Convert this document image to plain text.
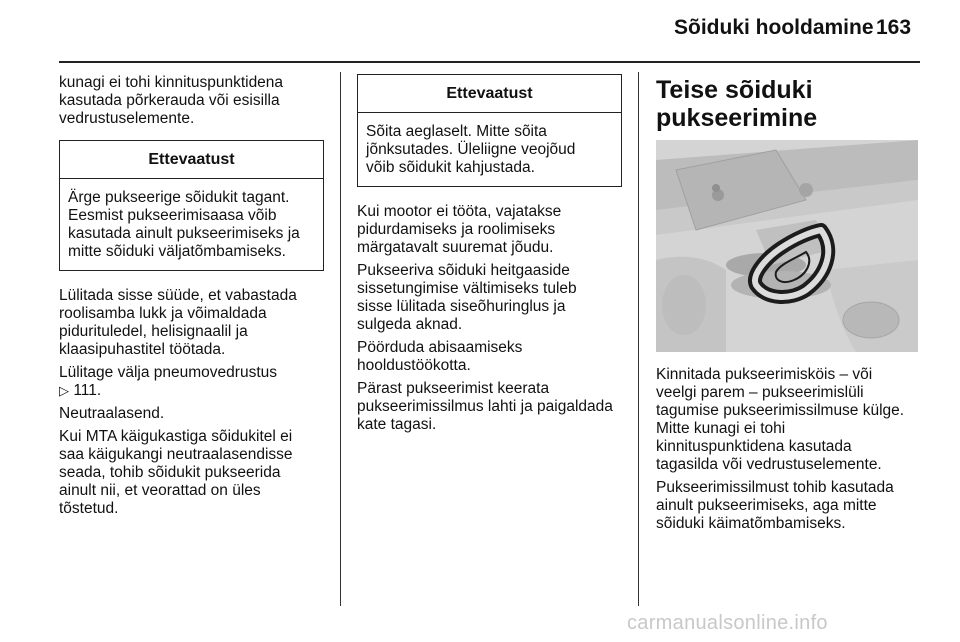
Sõiduki hooldamine 163

kunagi ei tohi kinnituspunktidena
kasutada põrkerauda või esisilla
vedrustuselemente.

Ettevaatust
Ärge pukseerige sõidukit tagant.
Eesmist pukseerimisaasa võib
kasutada ainult pukseerimiseks ja
mitte sõiduki väljatõmbamiseks.

Lülitada sisse süüde, et vabastada
roolisamba lukk ja võimaldada
pidurituledel, helisignaalil ja
klaasipuhastitel töötada.

Lülitage välja pneumovedrustus
▷ 111.

Neutraalasend.

Kui MTA käigukastiga sõidukitel ei
saa käigukangi neutraalasendisse
seada, tohib sõidukit pukseerida
ainult nii, et veorattad on üles
tõstetud.

Ettevaatust
Sõita aeglaselt. Mitte sõita
jõnksutades. Üleliigne veojõud
võib sõidukit kahjustada.

Kui mootor ei tööta, vajatakse
pidurdamiseks ja roolimiseks
märgatavalt suuremat jõudu.

Pukseeriva sõiduki heitgaaside
sissetungimise vältimiseks tuleb
sisse lülitada siseõhuringlus ja
sulgeda aknad.

Pöörduda abisaamiseks
hooldustöökotta.

Pärast pukseerimist keerata
pukseerimissilmus lahti ja paigaldada
kate tagasi.

Teise sõiduki
pukseerimine

Kinnitada pukseerimisköis – või
veelgi parem – pukseerimislüli
tagumise pukseerimissilmuse külge.
Mitte kunagi ei tohi
kinnituspunktidena kasutada
tagasilda või vedrustuselemente.

Pukseerimissilmust tohib kasutada
ainult pukseerimiseks, aga mitte
sõiduki käimatõmbamiseks.

carmanualsonline.info
